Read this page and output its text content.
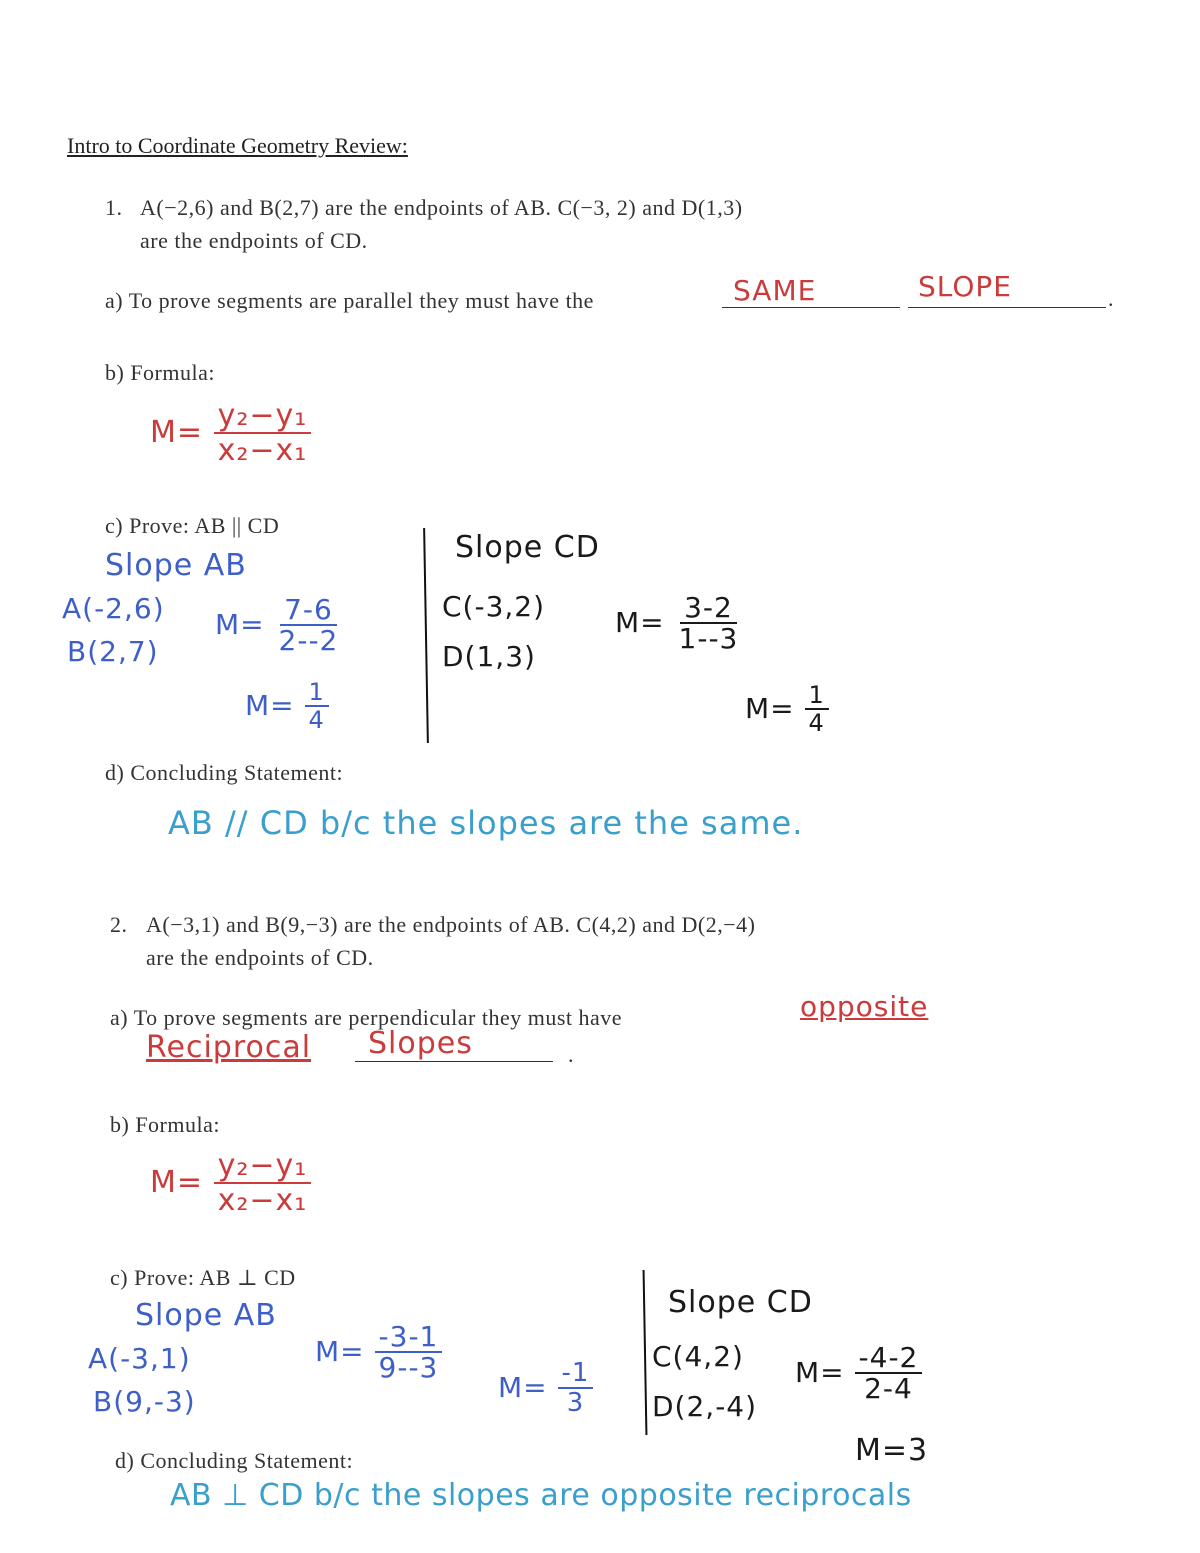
Intro to Coordinate Geometry Review:
1. A(−2,6) and B(2,7) are the endpoints of AB. C(−3, 2) and D(1,3)
are the endpoints of CD.
a) To prove segments are parallel they must have the	SAME	SLOPE	.
b) Formula:
$M= \frac{\text{y₂−y₁}}{\text{x₂−x₁}}$
c) Prove: AB || CD
Slope AB
A(-2,6)
B(2,7)
$M= \frac{7-6}{2--2}$
$M= \frac{1}{4}$
Slope CD
C(-3,2)
D(1,3)
$M= \frac{3-2}{1--3}$
$M= \frac{1}{4}$
d) Concluding Statement:
AB // CD b/c the slopes are the same.
2. A(−3,1) and B(9,−3) are the endpoints of AB. C(4,2) and D(2,−4)
are the endpoints of CD.
a) To prove segments are perpendicular they must have	opposite
Reciprocal Slopes	.
b) Formula:
$M= \frac{\text{y₂−y₁}}{\text{x₂−x₁}}$
c) Prove: AB ⊥ CD
Slope AB
A(-3,1)
B(9,-3)
$M= \frac{-3-1}{9--3}$
$M= \frac{-1}{3}$
Slope CD
C(4,2)
D(2,-4)
$M= \frac{-4-2}{2-4}$
M=3
d) Concluding Statement:
AB ⊥ CD b/c the slopes are opposite reciprocals
